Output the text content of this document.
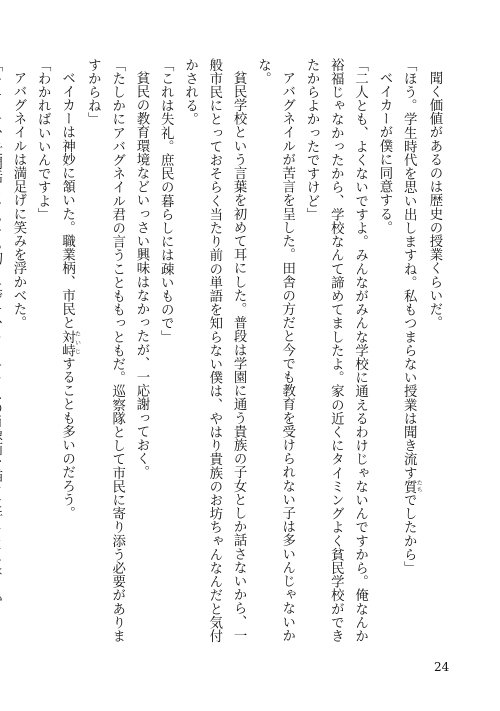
聞く価値があるのは歴史の授業くらいだ。
「ほう。学生時代を思い出しますね。私もつまらない授業は聞き流す質 たちでしたから」
ベイカーが僕に同意する。
「二人とも、よくないですよ。みんながみんな学校に通えるわけじゃないんですから。俺なんか裕福じゃなかったから、学校なんて諦めてましたよ。家の近くにタイミングよく貧民学校ができたからよかったですけど」
アバグネイルが苦言を呈した。田舎の方だと今でも教育を受けられない子は多いんじゃないかな。
貧民学校という言葉を初めて耳にした。普段は学園に通う貴族の子女としか話さないから、一般市民にとっておそらく当たり前の単語を知らない僕は、やはり貴族のお坊ちゃんなんだと気付かされる。
「これは失礼。庶民の暮らしには疎いもので」
貧民の教育環境などいっさい興味はなかったが、一応謝っておく。
「たしかにアバグネイル君の言うことももっともだ。巡察隊として市民に寄り添う必要がありますからね」
ベイカーは神妙に頷いた。職業柄、市民と対峙 たいじすることも多いのだろう。
「わかればいいんですよ」
アバグネイルは満足げに笑みを浮かべた。
24
